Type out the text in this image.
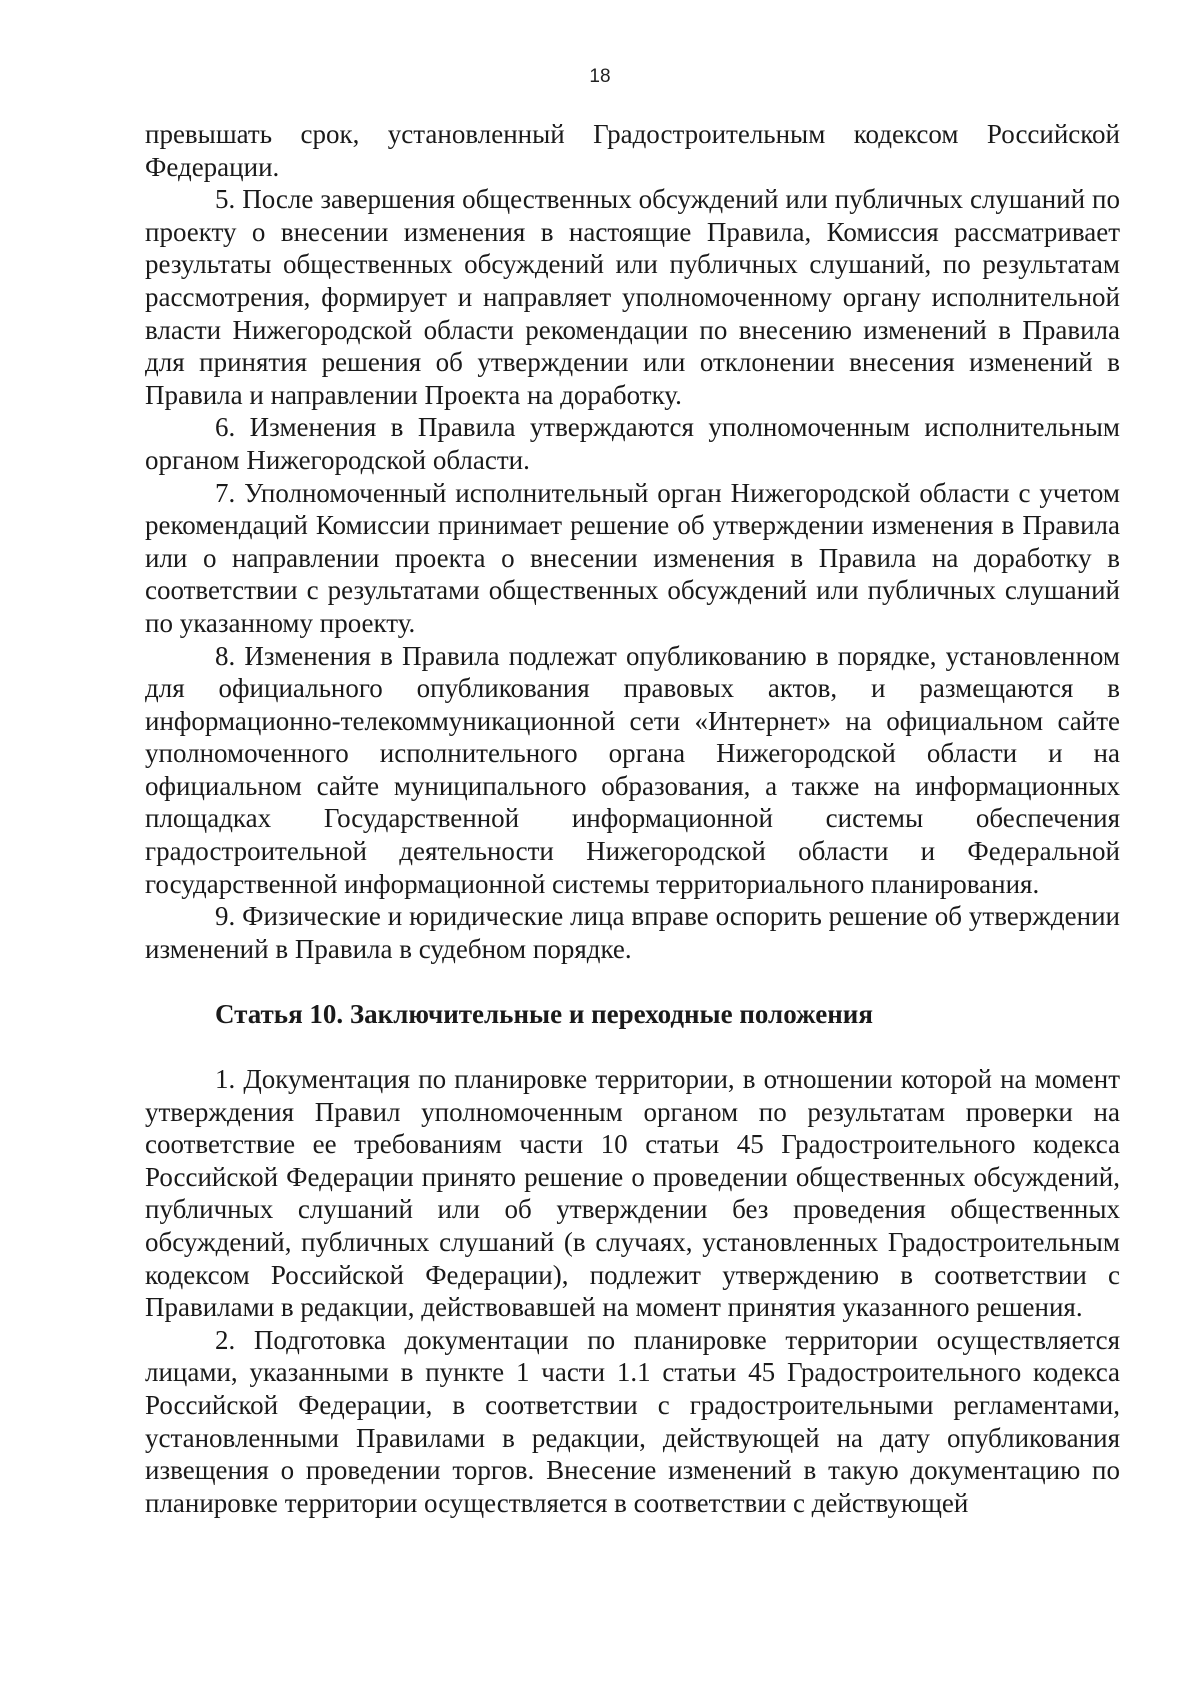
18

превышать срок, установленный Градостроительным кодексом Российской Федерации.

5. После завершения общественных обсуждений или публичных слушаний по проекту о внесении изменения в настоящие Правила, Комиссия рассматривает результаты общественных обсуждений или публичных слушаний, по результатам рассмотрения, формирует и направляет уполномоченному органу исполнительной власти Нижегородской области рекомендации по внесению изменений в Правила для принятия решения об утверждении или отклонении внесения изменений в Правила и направлении Проекта на доработку.

6. Изменения в Правила утверждаются уполномоченным исполнительным органом Нижегородской области.

7. Уполномоченный исполнительный орган Нижегородской области с учетом рекомендаций Комиссии принимает решение об утверждении изменения в Правила или о направлении проекта о внесении изменения в Правила на доработку в соответствии с результатами общественных обсуждений или публичных слушаний по указанному проекту.

8. Изменения в Правила подлежат опубликованию в порядке, установленном для официального опубликования правовых актов, и размещаются в информационно-телекоммуникационной сети «Интернет» на официальном сайте уполномоченного исполнительного органа Нижегородской области и на официальном сайте муниципального образования, а также на информационных площадках Государственной информационной системы обеспечения градостроительной деятельности Нижегородской области и Федеральной государственной информационной системы территориального планирования.

9. Физические и юридические лица вправе оспорить решение об утверждении изменений в Правила в судебном порядке.

Статья 10. Заключительные и переходные положения

1. Документация по планировке территории, в отношении которой на момент утверждения Правил уполномоченным органом по результатам проверки на соответствие ее требованиям части 10 статьи 45 Градостроительного кодекса Российской Федерации принято решение о проведении общественных обсуждений, публичных слушаний или об утверждении без проведения общественных обсуждений, публичных слушаний (в случаях, установленных Градостроительным кодексом Российской Федерации), подлежит утверждению в соответствии с Правилами в редакции, действовавшей на момент принятия указанного решения.

2. Подготовка документации по планировке территории осуществляется лицами, указанными в пункте 1 части 1.1 статьи 45 Градостроительного кодекса Российской Федерации, в соответствии с градостроительными регламентами, установленными Правилами в редакции, действующей на дату опубликования извещения о проведении торгов. Внесение изменений в такую документацию по планировке территории осуществляется в соответствии с действующей
